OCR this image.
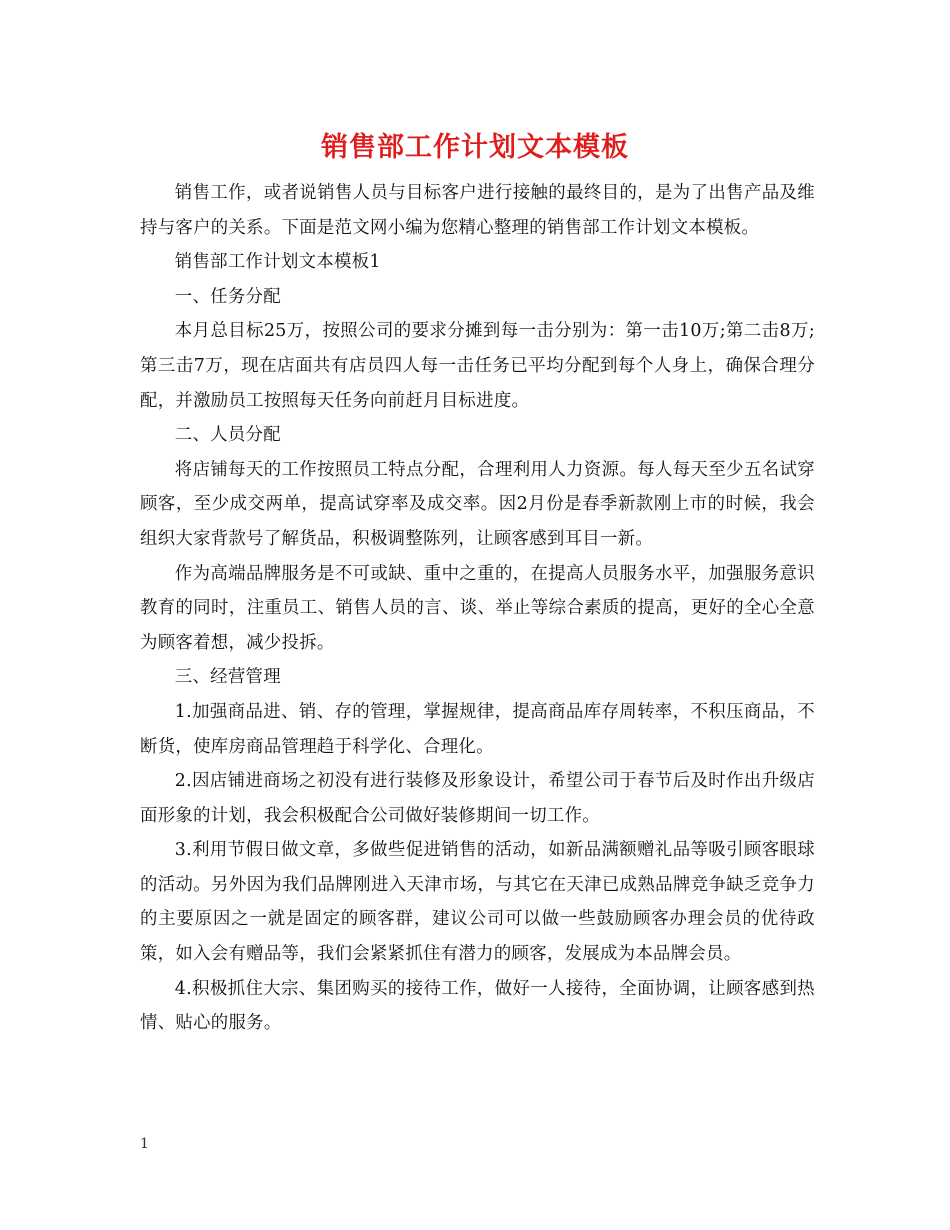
销售部工作计划文本模板

销售工作，或者说销售人员与目标客户进行接触的最终目的，是为了出售产品及维持与客户的关系。下面是范文网小编为您精心整理的销售部工作计划文本模板。

销售部工作计划文本模板1

一、任务分配

本月总目标25万，按照公司的要求分摊到每一击分别为：第一击10万;第二击8万;第三击7万，现在店面共有店员四人每一击任务已平均分配到每个人身上，确保合理分配，并激励员工按照每天任务向前赶月目标进度。

二、人员分配

将店铺每天的工作按照员工特点分配，合理利用人力资源。每人每天至少五名试穿顾客，至少成交两单，提高试穿率及成交率。因2月份是春季新款刚上市的时候，我会组织大家背款号了解货品，积极调整陈列，让顾客感到耳目一新。

作为高端品牌服务是不可或缺、重中之重的，在提高人员服务水平，加强服务意识教育的同时，注重员工、销售人员的言、谈、举止等综合素质的提高，更好的全心全意为顾客着想，减少投拆。

三、经营管理

1.加强商品进、销、存的管理，掌握规律，提高商品库存周转率，不积压商品，不断货，使库房商品管理趋于科学化、合理化。

2.因店铺进商场之初没有进行装修及形象设计，希望公司于春节后及时作出升级店面形象的计划，我会积极配合公司做好装修期间一切工作。

3.利用节假日做文章，多做些促进销售的活动，如新品满额赠礼品等吸引顾客眼球的活动。另外因为我们品牌刚进入天津市场，与其它在天津已成熟品牌竞争缺乏竞争力的主要原因之一就是固定的顾客群，建议公司可以做一些鼓励顾客办理会员的优待政策，如入会有赠品等，我们会紧紧抓住有潜力的顾客，发展成为本品牌会员。

4.积极抓住大宗、集团购买的接待工作，做好一人接待，全面协调，让顾客感到热情、贴心的服务。

1
